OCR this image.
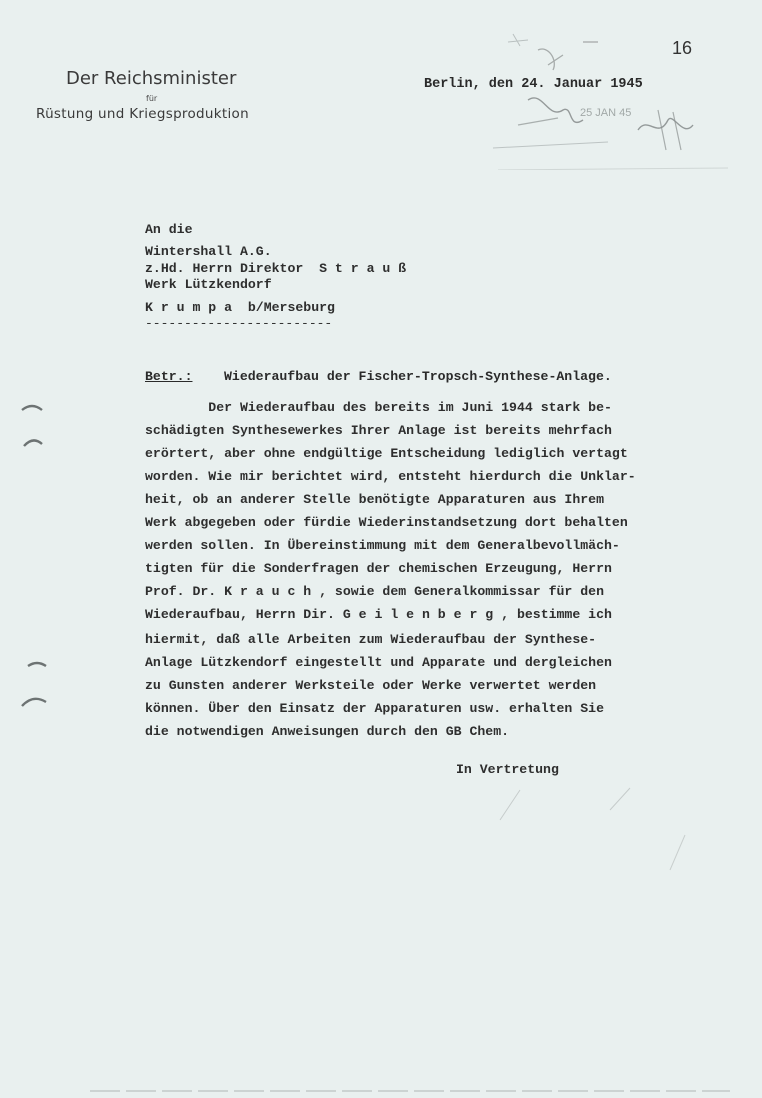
Der Reichsminister
für
Rüstung und Kriegsproduktion
Berlin, den 24. Januar 1945
16
25 JAN 45
An die
Wintershall A.G.
z.Hd. Herrn Direktor  S t r a u ß
Werk Lützkendorf
K r u m p a  b/Merseburg
------------------------
Betr.: Wiederaufbau der Fischer-Tropsch-Synthese-Anlage.
Der Wiederaufbau des bereits im Juni 1944 stark be-
schädigten Synthesewerkes Ihrer Anlage ist bereits mehrfach
erörtert, aber ohne endgültige Entscheidung lediglich vertagt
worden. Wie mir berichtet wird, entsteht hierdurch die Unklar-
heit, ob an anderer Stelle benötigte Apparaturen aus Ihrem
Werk abgegeben oder fürdie Wiederinstandsetzung dort behalten
werden sollen. In Übereinstimmung mit dem Generalbevollmäch-
tigten für die Sonderfragen der chemischen Erzeugung, Herrn
Prof. Dr. K r a u c h , sowie dem Generalkommissar für den
Wiederaufbau, Herrn Dir. G e i l e n b e r g , bestimme ich
hiermit, daß alle Arbeiten zum Wiederaufbau der Synthese-
Anlage Lützkendorf eingestellt und Apparate und dergleichen
zu Gunsten anderer Werksteile oder Werke verwertet werden
können. Über den Einsatz der Apparaturen usw. erhalten Sie
die notwendigen Anweisungen durch den GB Chem.
In Vertretung
